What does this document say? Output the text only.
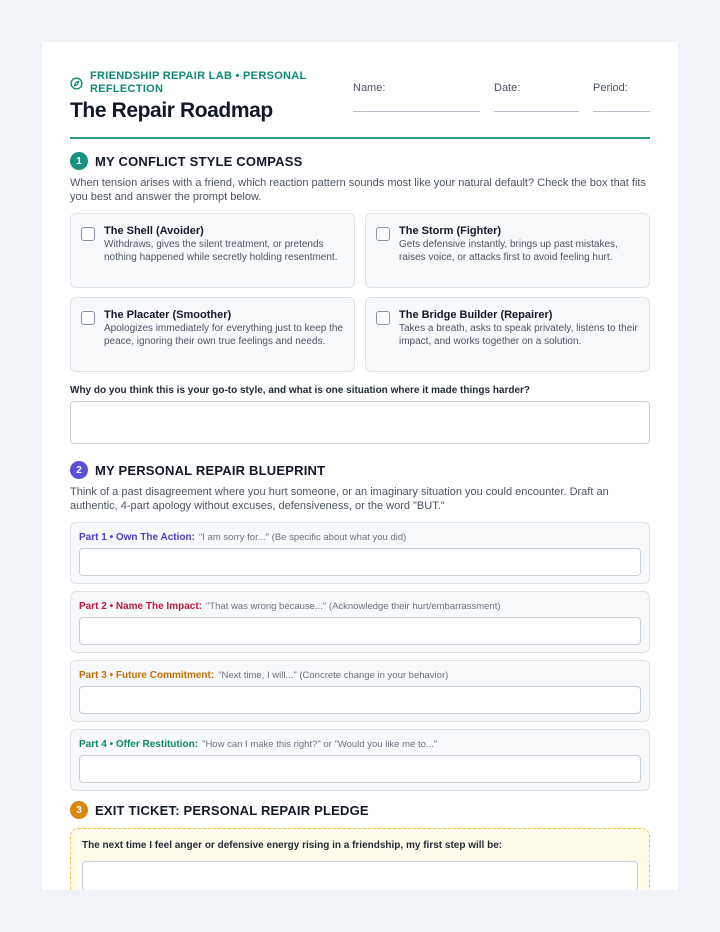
FRIENDSHIP REPAIR LAB • PERSONAL REFLECTION
The Repair Roadmap
Name:	Date:	Period:
1	MY CONFLICT STYLE COMPASS
When tension arises with a friend, which reaction pattern sounds most like your natural default? Check the box that fits you best and answer the prompt below.
The Shell (Avoider)

Withdraws, gives the silent treatment, or pretends nothing happened while secretly holding resentment.

The Storm (Fighter)

Gets defensive instantly, brings up past mistakes, raises voice, or attacks first to avoid feeling hurt.

The Placater (Smoother)

Apologizes immediately for everything just to keep the peace, ignoring their own true feelings and needs.

The Bridge Builder (Repairer)

Takes a breath, asks to speak privately, listens to their impact, and works together on a solution.

Why do you think this is your go-to style, and what is one situation where it made things harder?
2	MY PERSONAL REPAIR BLUEPRINT
Think of a past disagreement where you hurt someone, or an imaginary situation you could encounter. Draft an authentic, 4-part apology without excuses, defensiveness, or the word "BUT."
Part 1 • Own The Action: "I am sorry for..." (Be specific about what you did)
Part 2 • Name The Impact: "That was wrong because..." (Acknowledge their hurt/embarrassment)
Part 3 • Future Commitment: "Next time, I will..." (Concrete change in your behavior)
Part 4 • Offer Restitution: "How can I make this right?" or "Would you like me to..."
3	EXIT TICKET: PERSONAL REPAIR PLEDGE
The next time I feel anger or defensive energy rising in a friendship, my first step will be:
